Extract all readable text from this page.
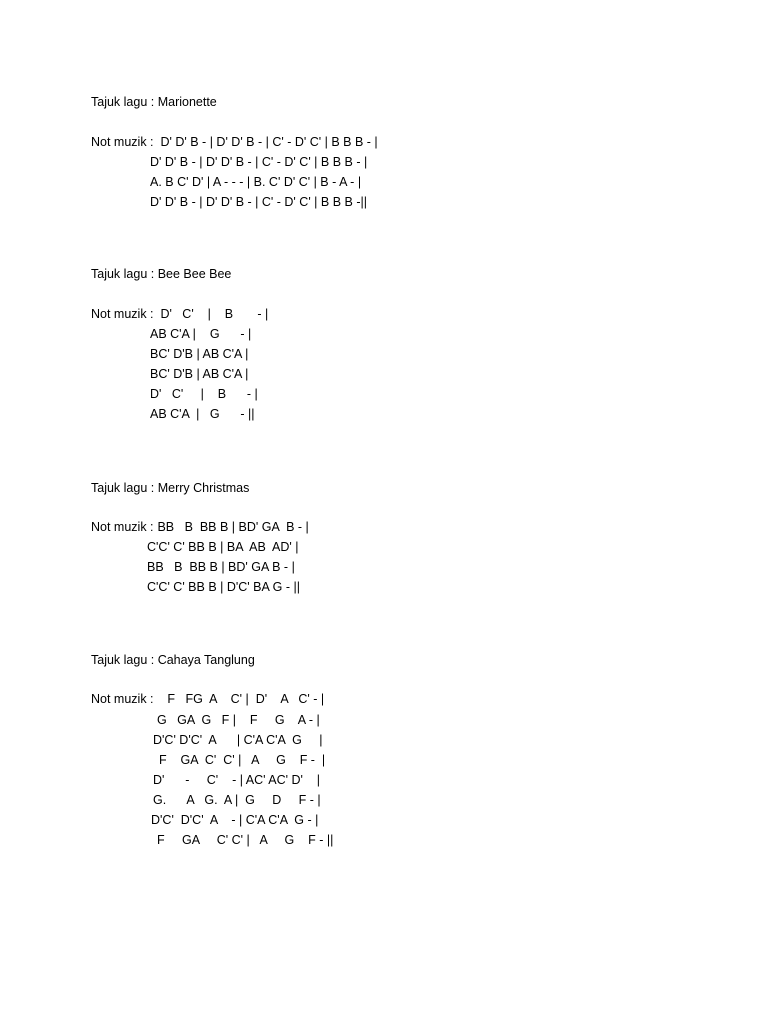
Tajuk lagu : Marionette
Not muzik : D' D' B - | D' D' B - | C' - D' C' | B B B - |
D' D' B - | D' D' B - | C' - D' C' | B B B - |
A. B C' D' | A - - - | B. C' D' C' | B - A - |
D' D' B - | D' D' B - | C' - D' C' | B B B -||
Tajuk lagu : Bee Bee Bee
Not muzik : D'   C'    |    B       - |
AB C'A |    G      - |
BC' D'B | AB C'A |
BC' D'B | AB C'A |
D'   C'     |    B      - |
AB C'A  |   G      - ||
Tajuk lagu : Merry Christmas
Not muzik : BB   B  BB B | BD' GA  B - |
C'C' C' BB B | BA  AB  AD' |
BB   B  BB B | BD' GA B - |
C'C' C' BB B | D'C' BA G - ||
Tajuk lagu : Cahaya Tanglung
Not muzik : F   FG  A    C' |  D'    A   C' - |
G   GA  G   F |    F     G    A - |
D'C' D'C'  A      | C'A C'A  G     |
F    GA  C'  C' |   A     G    F -  |
D'      -     C'    - | AC' AC' D'    |
G.      A   G.  A |  G     D     F - |
D'C'  D'C'  A    - | C'A C'A  G - |
F     GA     C' C' |   A     G    F - ||
